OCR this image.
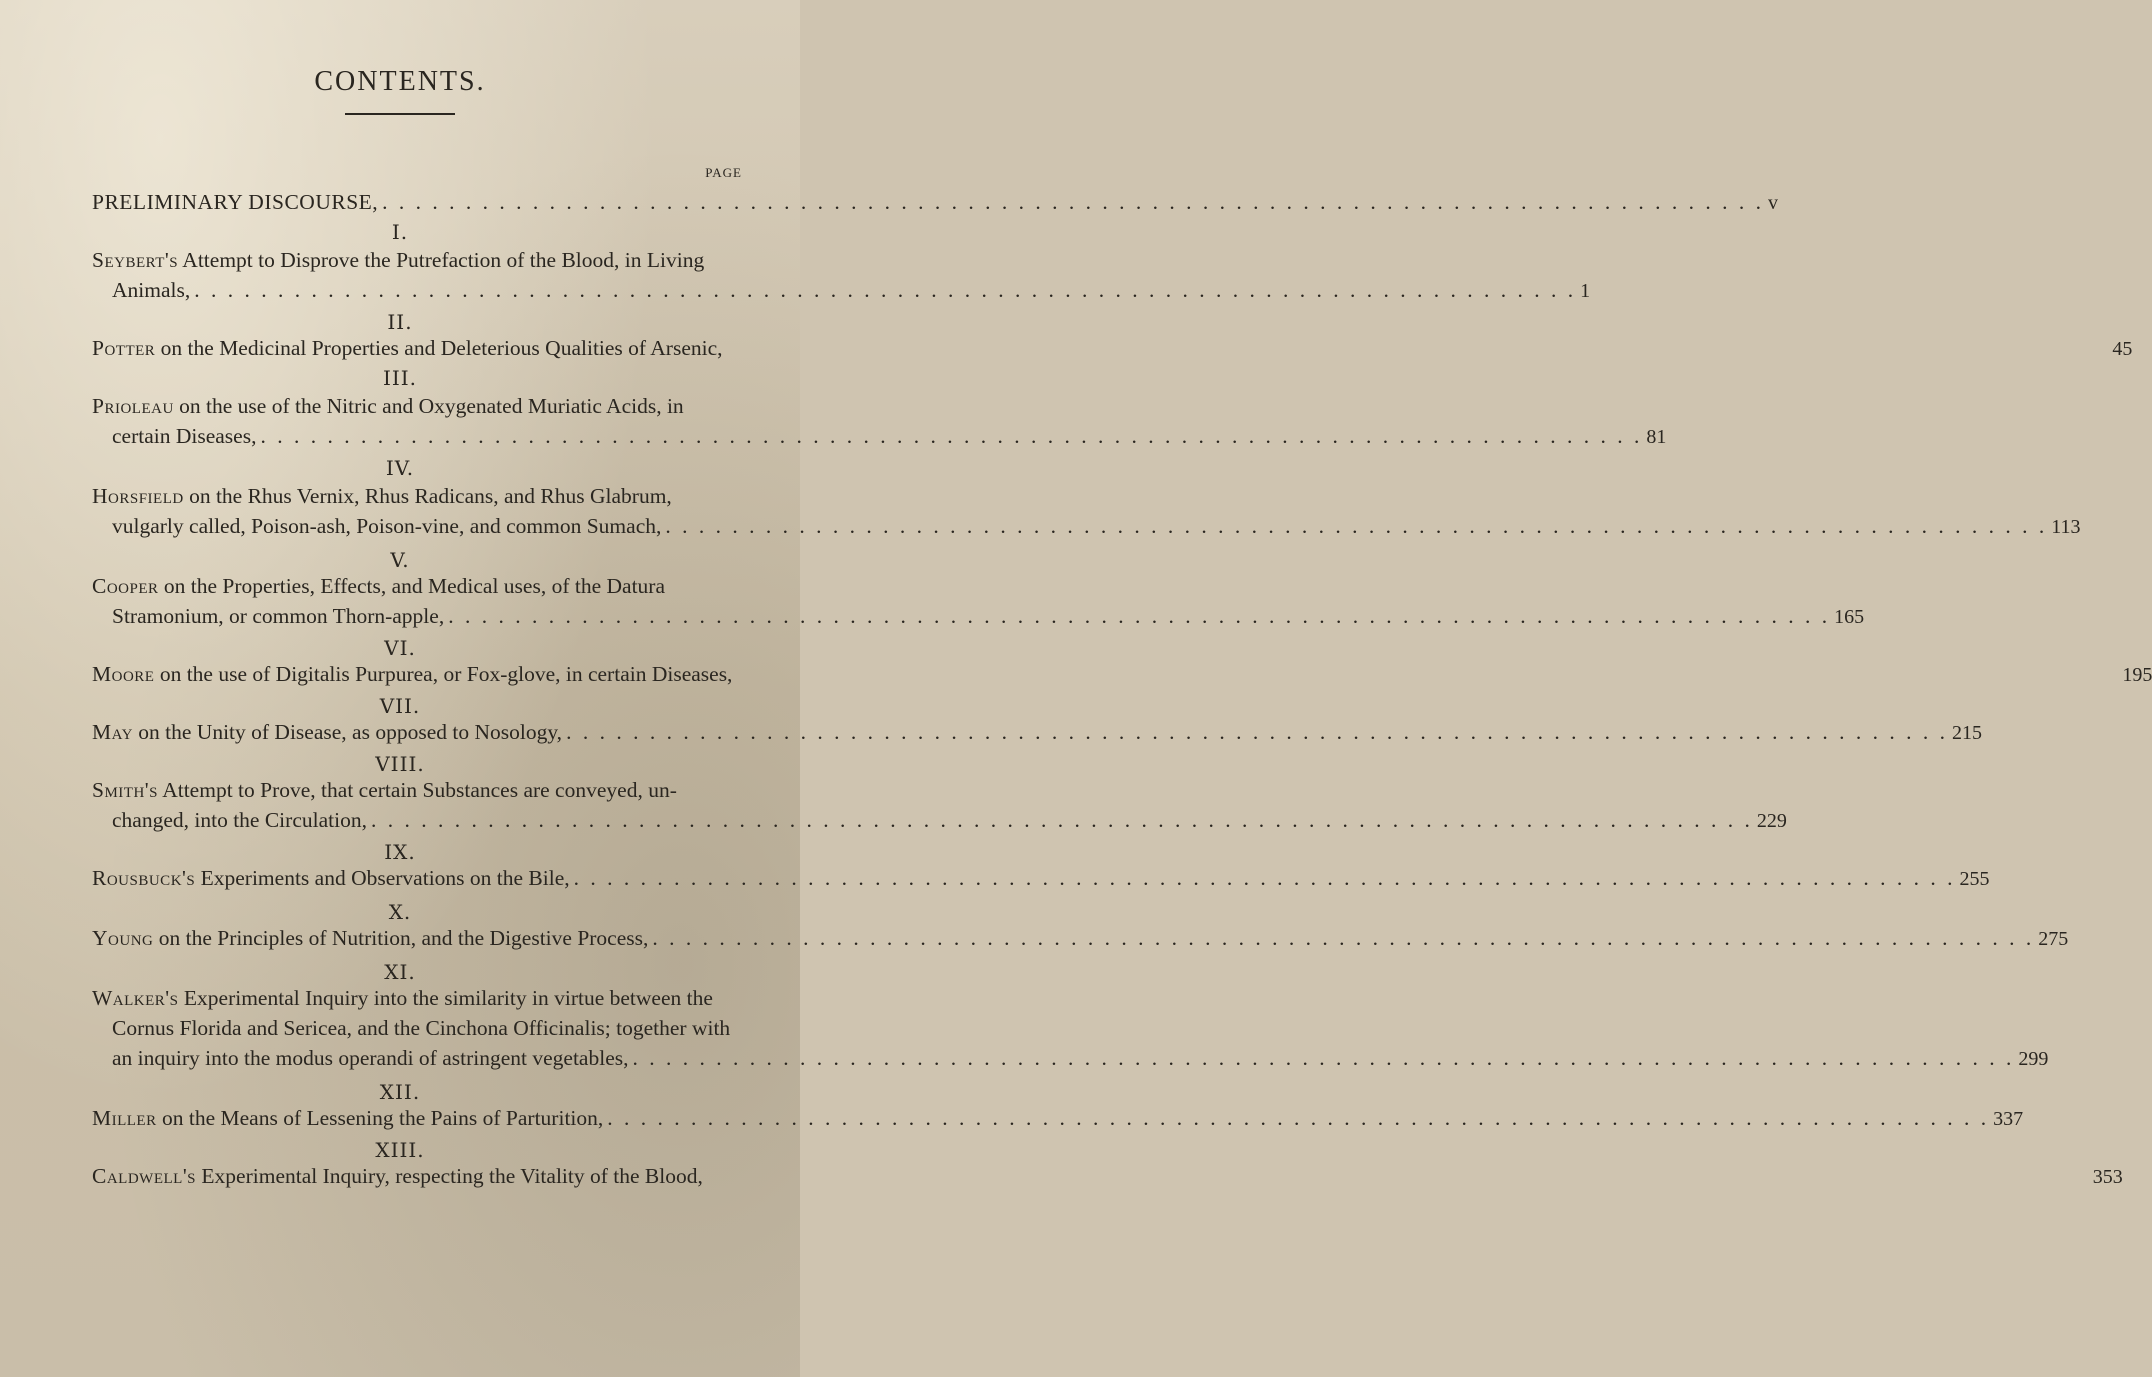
CONTENTS.
PAGE
PRELIMINARY DISCOURSE, . . .	v
I.
Seybert's Attempt to Disprove the Putrefaction of the Blood, in Living
Animals, . . .	1
II.
Potter on the Medicinal Properties and Deleterious Qualities of Arsenic,	45
III.
Prioleau on the use of the Nitric and Oxygenated Muriatic Acids, in
certain Diseases, . . .	81
IV.
Horsfield on the Rhus Vernix, Rhus Radicans, and Rhus Glabrum,
vulgarly called, Poison-ash, Poison-vine, and common Sumach, . . .	113
V.
Cooper on the Properties, Effects, and Medical uses, of the Datura
Stramonium, or common Thorn-apple, . . .	165
VI.
Moore on the use of Digitalis Purpurea, or Fox-glove, in certain Diseases,	195
VII.
May on the Unity of Disease, as opposed to Nosology, . . .	215
VIII.
Smith's Attempt to Prove, that certain Substances are conveyed, un-
changed, into the Circulation, . . .	229
IX.
Rousbuck's Experiments and Observations on the Bile, . . .	255
X.
Young on the Principles of Nutrition, and the Digestive Process, . . .	275
XI.
Walker's Experimental Inquiry into the similarity in virtue between the
Cornus Florida and Sericea, and the Cinchona Officinalis; together with
an inquiry into the modus operandi of astringent vegetables, . . .	299
XII.
Miller on the Means of Lessening the Pains of Parturition, . . .	337
XIII.
Caldwell's Experimental Inquiry, respecting the Vitality of the Blood,	353
